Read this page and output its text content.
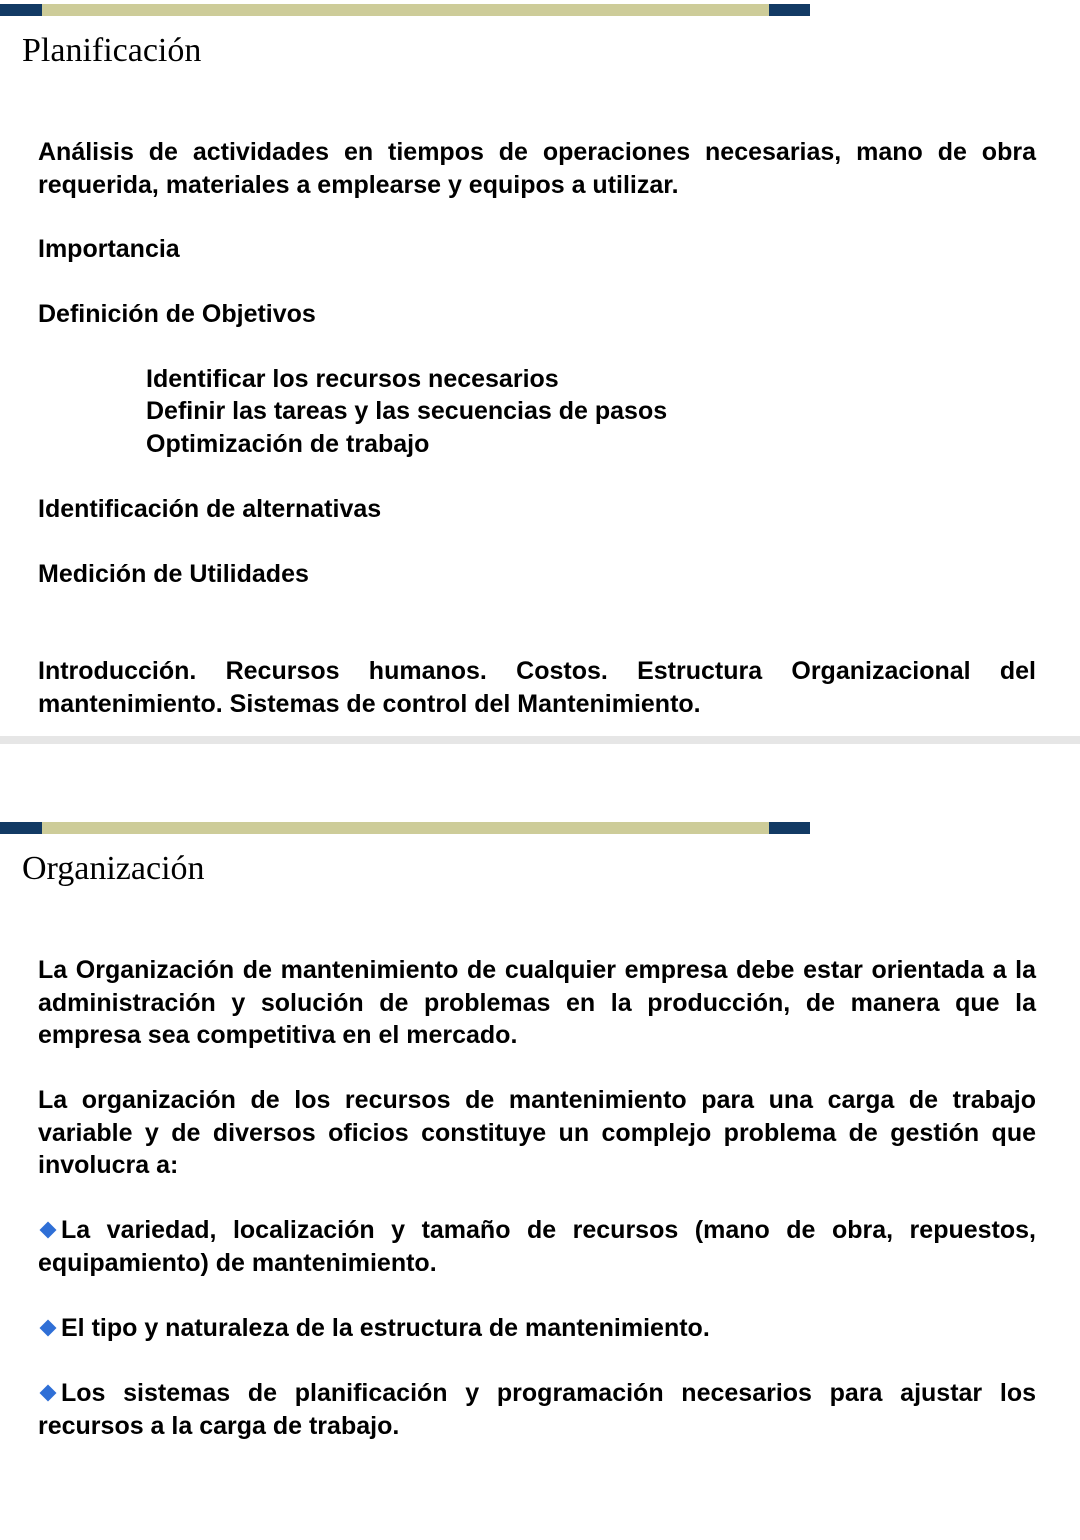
Planificación

Análisis de actividades en tiempos de operaciones necesarias, mano de obra requerida, materiales a emplearse y equipos a utilizar.

Importancia

Definición de Objetivos

Identificar los recursos necesarios

Definir las tareas y las secuencias de pasos

Optimización de trabajo

Identificación de alternativas

Medición de Utilidades

Introducción. Recursos humanos. Costos. Estructura Organizacional del mantenimiento. Sistemas de control del Mantenimiento.

Organización

La Organización de mantenimiento de cualquier empresa debe estar orientada a la administración y solución de problemas en la producción, de manera que la empresa sea competitiva en el mercado.

La organización de los recursos de mantenimiento para una carga de trabajo variable y de diversos oficios constituye un complejo problema de gestión que involucra a:

La variedad, localización y tamaño de recursos (mano de obra, repuestos, equipamiento) de mantenimiento.

El tipo y naturaleza de la estructura de mantenimiento.

Los sistemas de planificación y programación necesarios para ajustar los recursos a la carga de trabajo.
